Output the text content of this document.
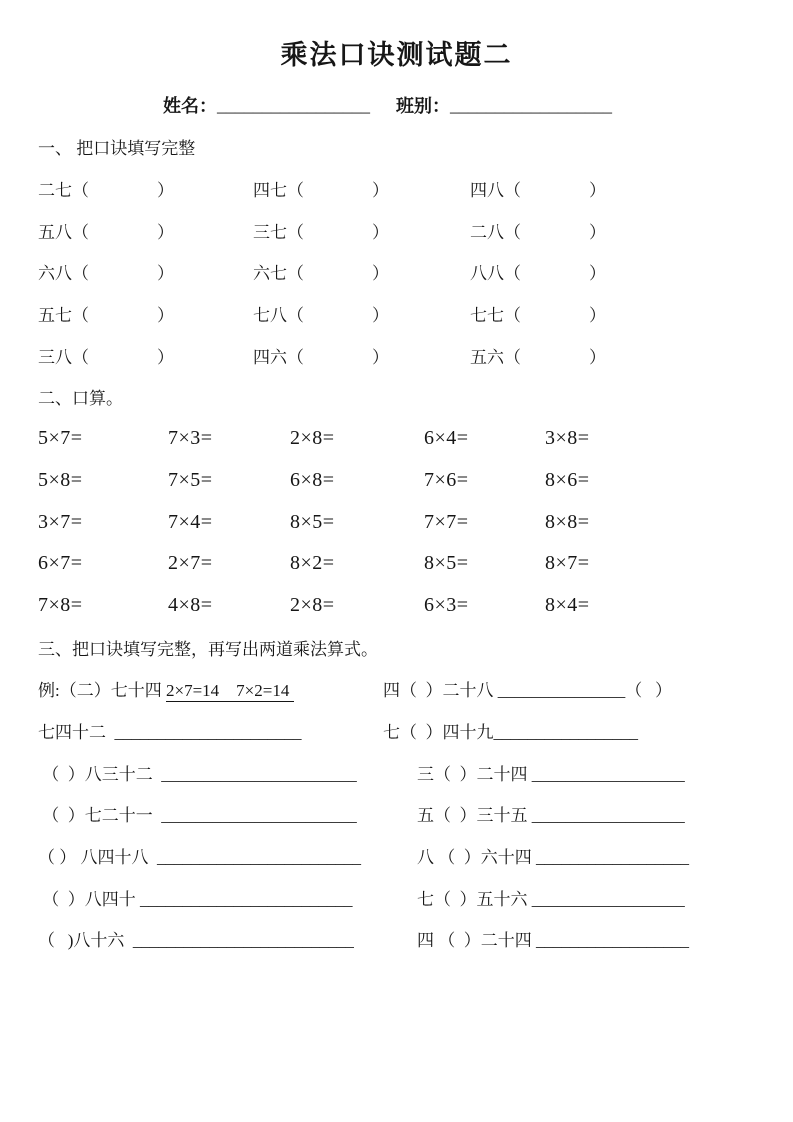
乘法口诀测试题二
姓名： _________________ 班别： __________________
一、 把口诀填写完整
二七（                ）	四七（                ）	四八（                ）
五八（                ）	三七（                ）	二八（                ）
六八（                ）	六七（                ）	八八（                ）
五七（                ）	七八（                ）	七七（                ）
三八（                ）	四六（                ）	五六（                ）
二、口算。
5×7=	7×3=	2×8=	6×4=	3×8=
5×8=	7×5=	6×8=	7×6=	8×6=
3×7=	7×4=	8×5=	7×7=	8×8=
6×7=	2×7=	8×2=	8×5=	8×7=
7×8=	4×8=	2×8=	6×3=	8×4=
三、把口诀填写完整，再写出两道乘法算式。
例:（二）七十四 2×7=14    7×2=14	四（  ）二十八 _______________（   ）
七四十二  ______________________	七（  ）四十九_________________
（  ）八三十二  _______________________	三（  ）二十四 __________________
（  ）七二十一  _______________________	五（  ）三十五 __________________
（ ） 八四十八  ________________________	八 （  ）六十四 __________________
（  ）八四十 _________________________	七（  ）五十六 __________________
（   )八十六  __________________________	四 （  ）二十四 __________________
